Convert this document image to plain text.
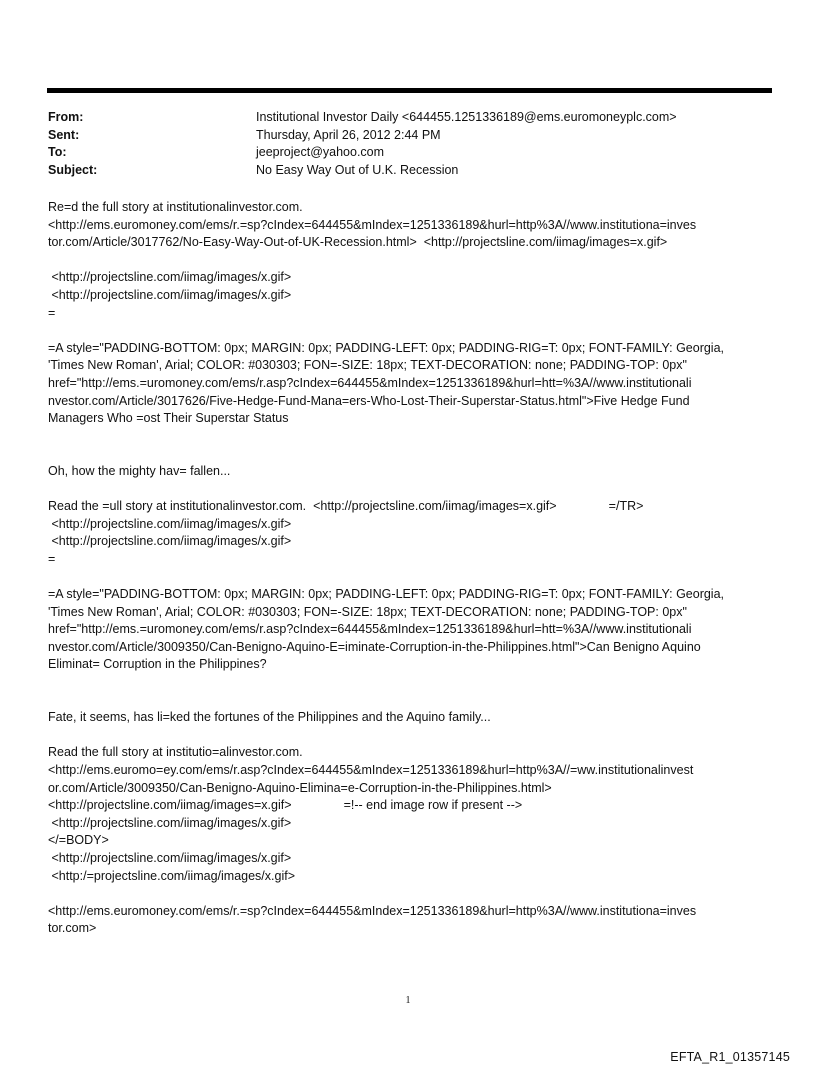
From:	Institutional Investor Daily <644455.1251336189@ems.euromoneyplc.com>
Sent:	Thursday, April 26, 2012 2:44 PM
To:	jeeproject@yahoo.com
Subject:	No Easy Way Out of U.K. Recession
Re=d the full story at institutionalinvestor.com.
<http://ems.euromoney.com/ems/r.=sp?cIndex=644455&mIndex=1251336189&hurl=http%3A//www.institutiona=inves
tor.com/Article/3017762/No-Easy-Way-Out-of-UK-Recession.html>  <http://projectsline.com/iimag/images=x.gif>
<http://projectsline.com/iimag/images/x.gif>
<http://projectsline.com/iimag/images/x.gif>
=
=A style="PADDING-BOTTOM: 0px; MARGIN: 0px; PADDING-LEFT: 0px; PADDING-RIG=T: 0px; FONT-FAMILY: Georgia,
'Times New Roman', Arial; COLOR: #030303; FON=-SIZE: 18px; TEXT-DECORATION: none; PADDING-TOP: 0px"
href="http://ems.=uromoney.com/ems/r.asp?cIndex=644455&mIndex=1251336189&hurl=htt=%3A//www.institutionali
nvestor.com/Article/3017626/Five-Hedge-Fund-Mana=ers-Who-Lost-Their-Superstar-Status.html">Five Hedge Fund
Managers Who =ost Their Superstar Status
Oh, how the mighty hav= fallen...
Read the =ull story at institutionalinvestor.com.  <http://projectsline.com/iimag/images=x.gif>               =/TR>
<http://projectsline.com/iimag/images/x.gif>
<http://projectsline.com/iimag/images/x.gif>
=
=A style="PADDING-BOTTOM: 0px; MARGIN: 0px; PADDING-LEFT: 0px; PADDING-RIG=T: 0px; FONT-FAMILY: Georgia,
'Times New Roman', Arial; COLOR: #030303; FON=-SIZE: 18px; TEXT-DECORATION: none; PADDING-TOP: 0px"
href="http://ems.=uromoney.com/ems/r.asp?cIndex=644455&mIndex=1251336189&hurl=htt=%3A//www.institutionali
nvestor.com/Article/3009350/Can-Benigno-Aquino-E=iminate-Corruption-in-the-Philippines.html">Can Benigno Aquino
Eliminat= Corruption in the Philippines?
Fate, it seems, has li=ked the fortunes of the Philippines and the Aquino family...
Read the full story at institutio=alinvestor.com.
<http://ems.euromo=ey.com/ems/r.asp?cIndex=644455&mIndex=1251336189&hurl=http%3A//=ww.institutionalinvest
or.com/Article/3009350/Can-Benigno-Aquino-Elimina=e-Corruption-in-the-Philippines.html>
<http://projectsline.com/iimag/images=x.gif>               =!-- end image row if present -->
<http://projectsline.com/iimag/images/x.gif>
</=BODY>
<http://projectsline.com/iimag/images/x.gif>
<http:/=projectsline.com/iimag/images/x.gif>
<http://ems.euromoney.com/ems/r.=sp?cIndex=644455&mIndex=1251336189&hurl=http%3A//www.institutiona=inves
tor.com>
1
EFTA_R1_01357145
